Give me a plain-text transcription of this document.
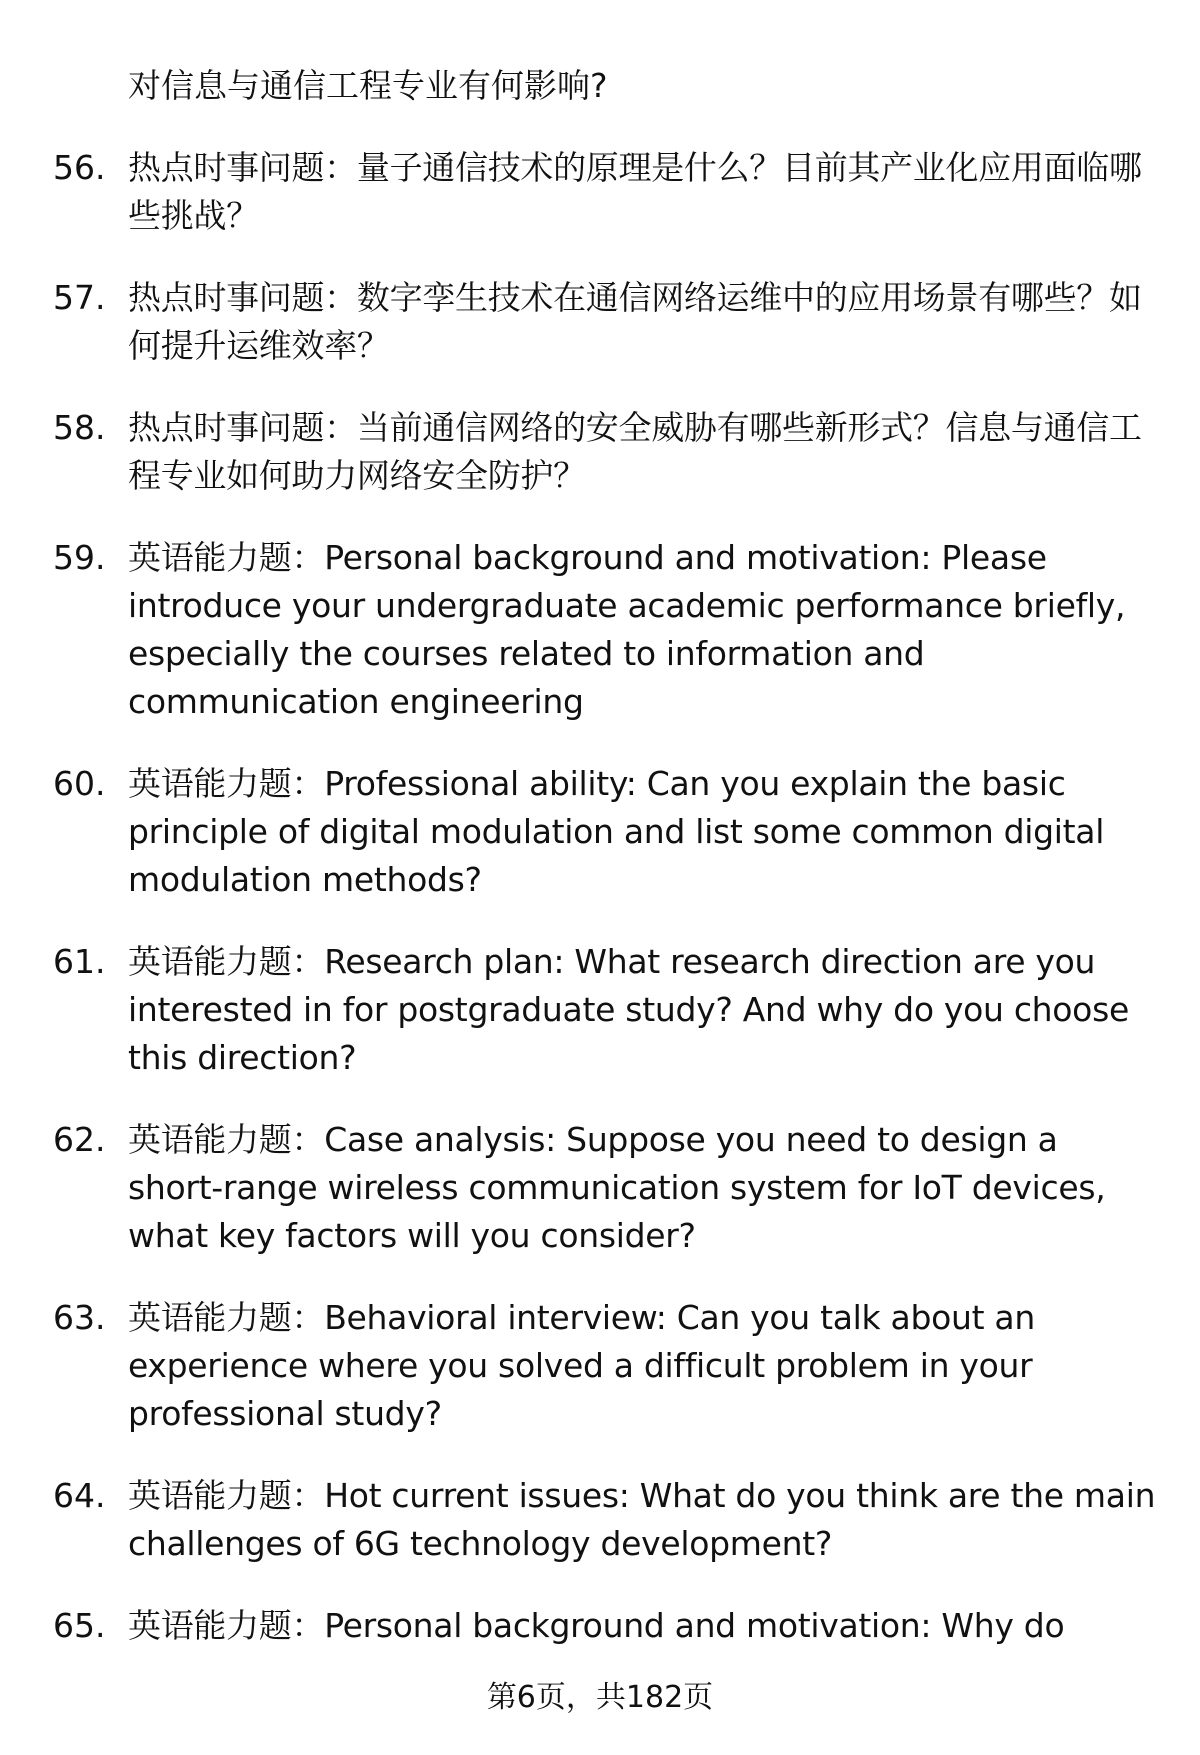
对信息与通信工程专业有何影响?
56. 热点时事问题：量子通信技术的原理是什么？目前其产业化应用面临哪些挑战？
57. 热点时事问题：数字孪生技术在通信网络运维中的应用场景有哪些？如何提升运维效率？
58. 热点时事问题：当前通信网络的安全威胁有哪些新形式？信息与通信工程专业如何助力网络安全防护？
59. 英语能力题：Personal background and motivation: Please introduce your undergraduate academic performance briefly, especially the courses related to information and communication engineering
60. 英语能力题：Professional ability: Can you explain the basic principle of digital modulation and list some common digital modulation methods?
61. 英语能力题：Research plan: What research direction are you interested in for postgraduate study? And why do you choose this direction?
62. 英语能力题：Case analysis: Suppose you need to design a short-range wireless communication system for IoT devices, what key factors will you consider?
63. 英语能力题：Behavioral interview: Can you talk about an experience where you solved a difficult problem in your professional study?
64. 英语能力题：Hot current issues: What do you think are the main challenges of 6G technology development?
65. 英语能力题：Personal background and motivation: Why do
第6页，共182页
